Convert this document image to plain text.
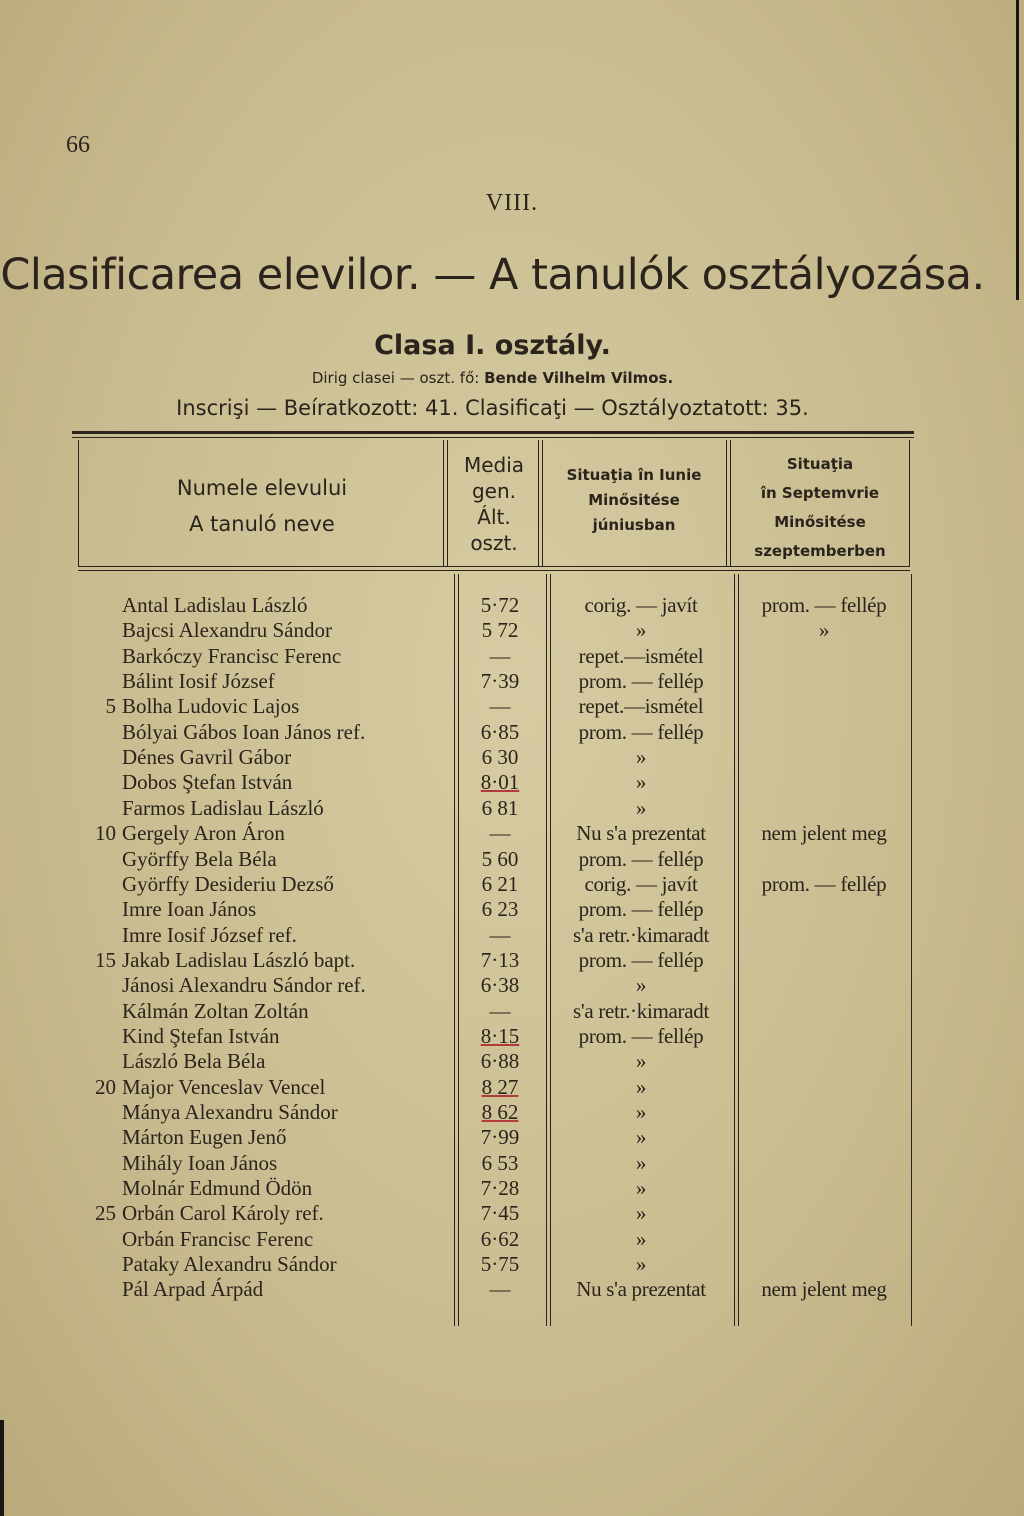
66
VIII.
Clasificarea elevilor. — A tanulók osztályozása.
Clasa I. osztály.
Dirig clasei — oszt. fő: Bende Vilhelm Vilmos.
Inscrişi — Beíratkozott: 41. Clasificaţi — Osztályoztatott: 35.
Numele elevului
A tanuló neve
Media
gen.
Ált.
oszt.
Situaţia în Iunie
Minősitése
júniusban
Situaţia
în Septemvrie
Minősitése
szeptemberben
Antal Ladislau László	5·72	corig. — javít	prom. — fellép
Bajcsi Alexandru Sándor	5 72	»	»
Barkóczy Francisc Ferenc	—	repet.—ismétel
Bálint Iosif József	7·39	prom. — fellép
5 Bolha Ludovic Lajos	—	repet.—ismétel
Bólyai Gábos Ioan János ref.	6·85	prom. — fellép
Dénes Gavril Gábor	6 30	»
Dobos Ştefan István	8·01	»
Farmos Ladislau László	6 81	»
10 Gergely Aron Áron	—	Nu s'a prezentat	nem jelent meg
Györffy Bela Béla	5 60	prom. — fellép
Györffy Desideriu Dezső	6 21	corig. — javít	prom. — fellép
Imre Ioan János	6 23	prom. — fellép
Imre Iosif József ref.	—	s'a retr.·kimaradt
15 Jakab Ladislau László bapt.	7·13	prom. — fellép
Jánosi Alexandru Sándor ref.	6·38	»
Kálmán Zoltan Zoltán	—	s'a retr.·kimaradt
Kind Ştefan István	8·15	prom. — fellép
László Bela Béla	6·88	»
20 Major Venceslav Vencel	8 27	»
Mánya Alexandru Sándor	8 62	»
Márton Eugen Jenő	7·99	»
Mihály Ioan János	6 53	»
Molnár Edmund Ödön	7·28	»
25 Orbán Carol Károly ref.	7·45	»
Orbán Francisc Ferenc	6·62	»
Pataky Alexandru Sándor	5·75	»
Pál Arpad Árpád	—	Nu s'a prezentat	nem jelent meg
